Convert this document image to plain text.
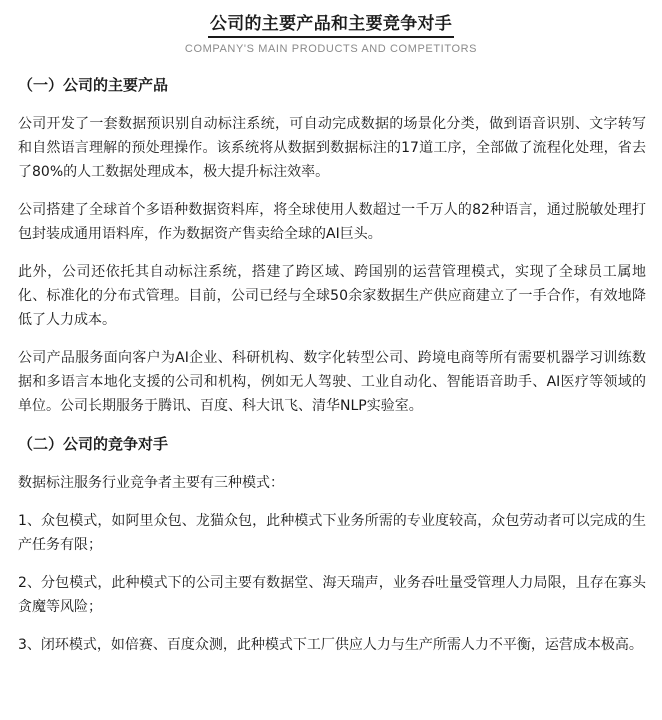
公司的主要产品和主要竞争对手
COMPANY'S MAIN PRODUCTS AND COMPETITORS
（一）公司的主要产品

公司开发了一套数据预识别自动标注系统，可自动完成数据的场景化分类，做到语音识别、文字转写和自然语言理解的预处理操作。该系统将从数据到数据标注的17道工序，全部做了流程化处理，省去了80%的人工数据处理成本，极大提升标注效率。

公司搭建了全球首个多语种数据资料库，将全球使用人数超过一千万人的82种语言，通过脱敏处理打包封装成通用语料库，作为数据资产售卖给全球的AI巨头。

此外，公司还依托其自动标注系统，搭建了跨区域、跨国别的运营管理模式，实现了全球员工属地化、标准化的分布式管理。目前，公司已经与全球50余家数据生产供应商建立了一手合作，有效地降低了人力成本。

公司产品服务面向客户为AI企业、科研机构、数字化转型公司、跨境电商等所有需要机器学习训练数据和多语言本地化支援的公司和机构，例如无人驾驶、工业自动化、智能语音助手、AI医疗等领域的单位。公司长期服务于腾讯、百度、科大讯飞、清华NLP实验室。

（二）公司的竞争对手

数据标注服务行业竞争者主要有三种模式：

1、众包模式，如阿里众包、龙猫众包，此种模式下业务所需的专业度较高，众包劳动者可以完成的生产任务有限；

2、分包模式，此种模式下的公司主要有数据堂、海天瑞声，业务吞吐量受管理人力局限，且存在寡头贪魔等风险；

3、闭环模式，如倍赛、百度众测，此种模式下工厂供应人力与生产所需人力不平衡，运营成本极高。
